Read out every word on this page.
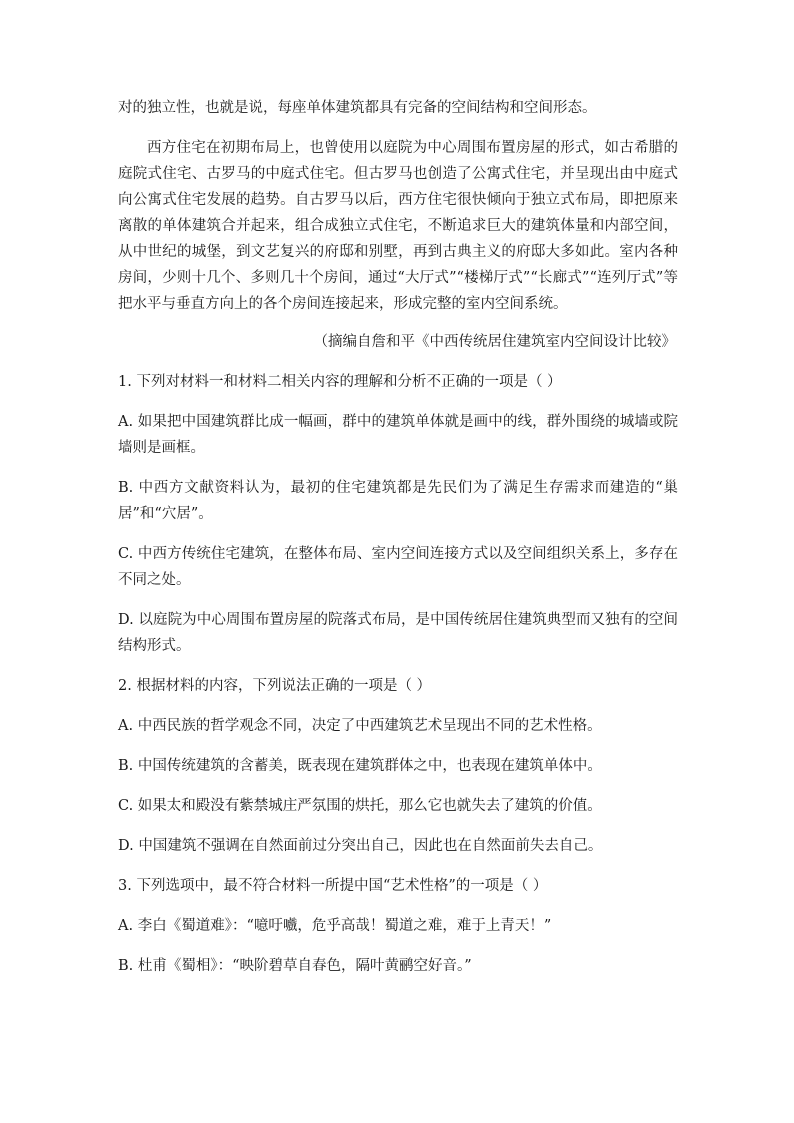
对的独立性，也就是说，每座单体建筑都具有完备的空间结构和空间形态。

西方住宅在初期布局上，也曾使用以庭院为中心周围布置房屋的形式，如古希腊的庭院式住宅、古罗马的中庭式住宅。但古罗马也创造了公寓式住宅，并呈现出由中庭式向公寓式住宅发展的趋势。自古罗马以后，西方住宅很快倾向于独立式布局，即把原来离散的单体建筑合并起来，组合成独立式住宅，不断追求巨大的建筑体量和内部空间，从中世纪的城堡，到文艺复兴的府邸和别墅，再到古典主义的府邸大多如此。室内各种房间，少则十几个、多则几十个房间，通过“大厅式”“楼梯厅式”“长廊式”“连列厅式”等把水平与垂直方向上的各个房间连接起来，形成完整的室内空间系统。

（摘编自詹和平《中西传统居住建筑室内空间设计比较》

1. 下列对材料一和材料二相关内容的理解和分析不正确的一项是（ ）

A. 如果把中国建筑群比成一幅画，群中的建筑单体就是画中的线，群外围绕的城墙或院墙则是画框。

B. 中西方文献资料认为，最初的住宅建筑都是先民们为了满足生存需求而建造的“巢居”和“穴居”。

C. 中西方传统住宅建筑，在整体布局、室内空间连接方式以及空间组织关系上，多存在不同之处。

D. 以庭院为中心周围布置房屋的院落式布局，是中国传统居住建筑典型而又独有的空间结构形式。

2. 根据材料的内容，下列说法正确的一项是（ ）

A. 中西民族的哲学观念不同，决定了中西建筑艺术呈现出不同的艺术性格。

B. 中国传统建筑的含蓄美，既表现在建筑群体之中，也表现在建筑单体中。

C. 如果太和殿没有紫禁城庄严氛围的烘托，那么它也就失去了建筑的价值。

D. 中国建筑不强调在自然面前过分突出自己，因此也在自然面前失去自己。

3. 下列选项中，最不符合材料一所提中国“艺术性格”的一项是（ ）

A. 李白《蜀道难》：“噫吁嚱，危乎高哉！蜀道之难，难于上青天！”

B. 杜甫《蜀相》：“映阶碧草自春色，隔叶黄鹂空好音。”
